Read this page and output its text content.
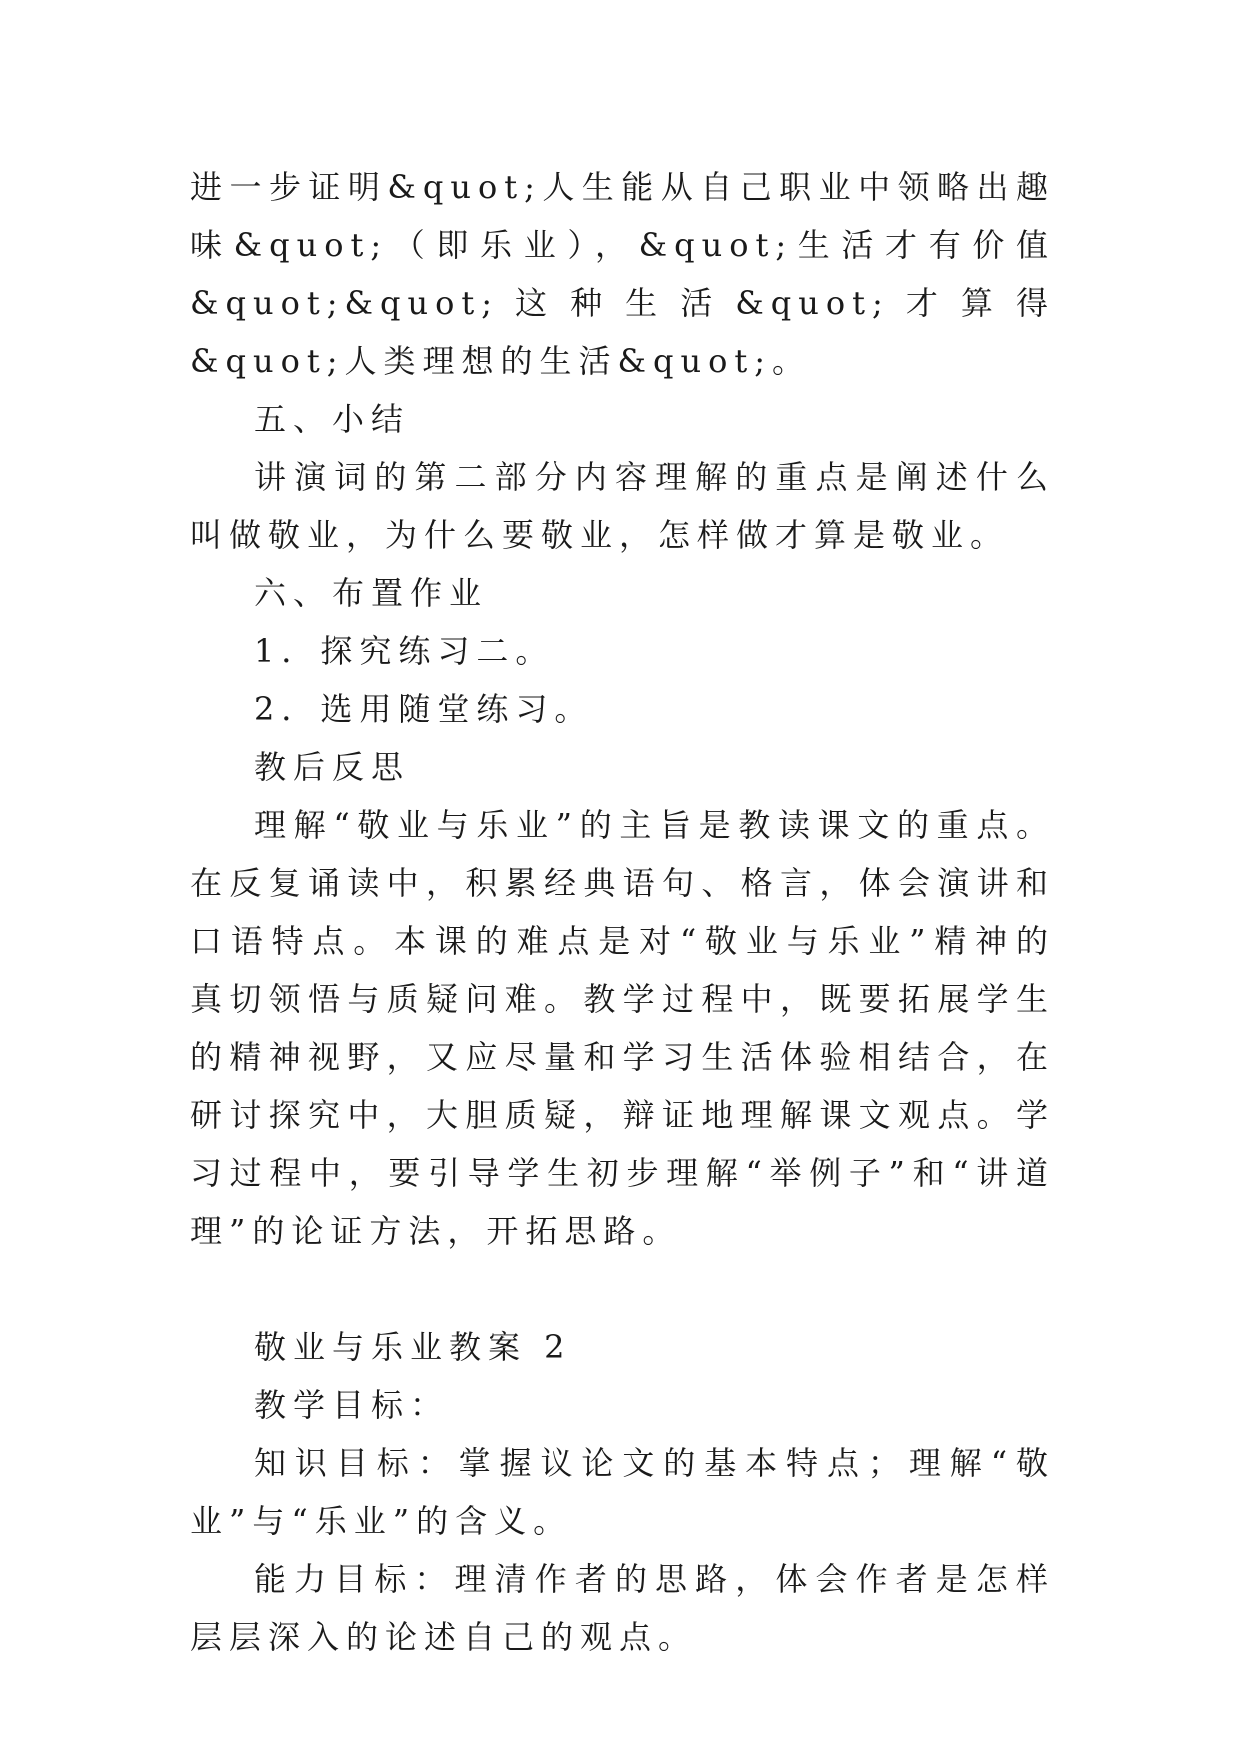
进一步证明&quot;人生能从自己职业中领略出趣味&quot;（即乐业），&quot;生活才有价值&quot;&quot;这种生活&quot;才算得&quot;人类理想的生活&quot;。

五、小结

讲演词的第二部分内容理解的重点是阐述什么叫做敬业，为什么要敬业，怎样做才算是敬业。

六、布置作业

1．探究练习二。

2．选用随堂练习。

教后反思

理解“敬业与乐业”的主旨是教读课文的重点。在反复诵读中，积累经典语句、格言，体会演讲和口语特点。本课的难点是对“敬业与乐业”精神的真切领悟与质疑问难。教学过程中，既要拓展学生的精神视野，又应尽量和学习生活体验相结合，在研讨探究中，大胆质疑，辩证地理解课文观点。学习过程中，要引导学生初步理解“举例子”和“讲道理”的论证方法，开拓思路。

敬业与乐业教案 2

教学目标：

知识目标：掌握议论文的基本特点；理解“敬业”与“乐业”的含义。

能力目标：理清作者的思路，体会作者是怎样层层深入的论述自己的观点。
